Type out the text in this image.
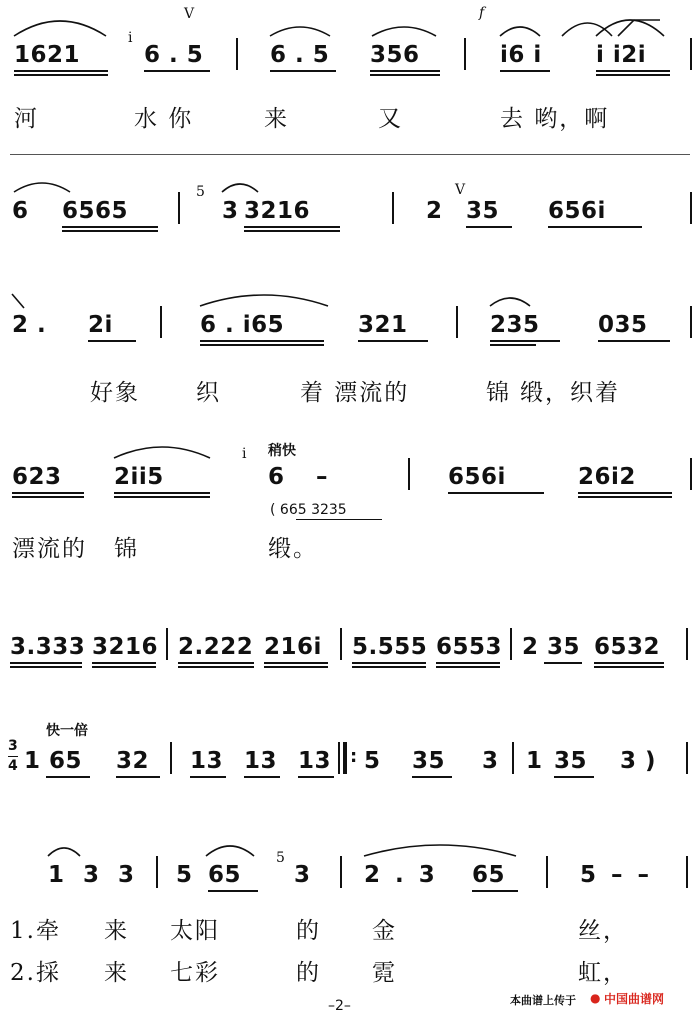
f
i
V
1621	6 . 5	6 . 5 356	i6 i i i2i
河	水 你	来	又	去 哟，啊
5	V
6 6565	3 3216	2 35 656i
2 . 2i	6 . i65	321	235	035
好象 织	着 漂流的	锦 缎，织着
i 稍快
623 2ii5	6 –	656i	26i2
( 665 3235
漂流的 锦	缎。
3.333 3216 2.222 216i 5.555 6553 2 35 6532
快一倍
3
4 1 65 32 13 13 13 : 5 35 3 1 35 3 )
5
1 3 3 5 65 3 2 . 3 65	5 – –
1.牵 来 太阳	的 金	丝，
2.採 来 七彩	的 霓	虹，
–2–	本曲谱上传于 ● 中国曲谱网
